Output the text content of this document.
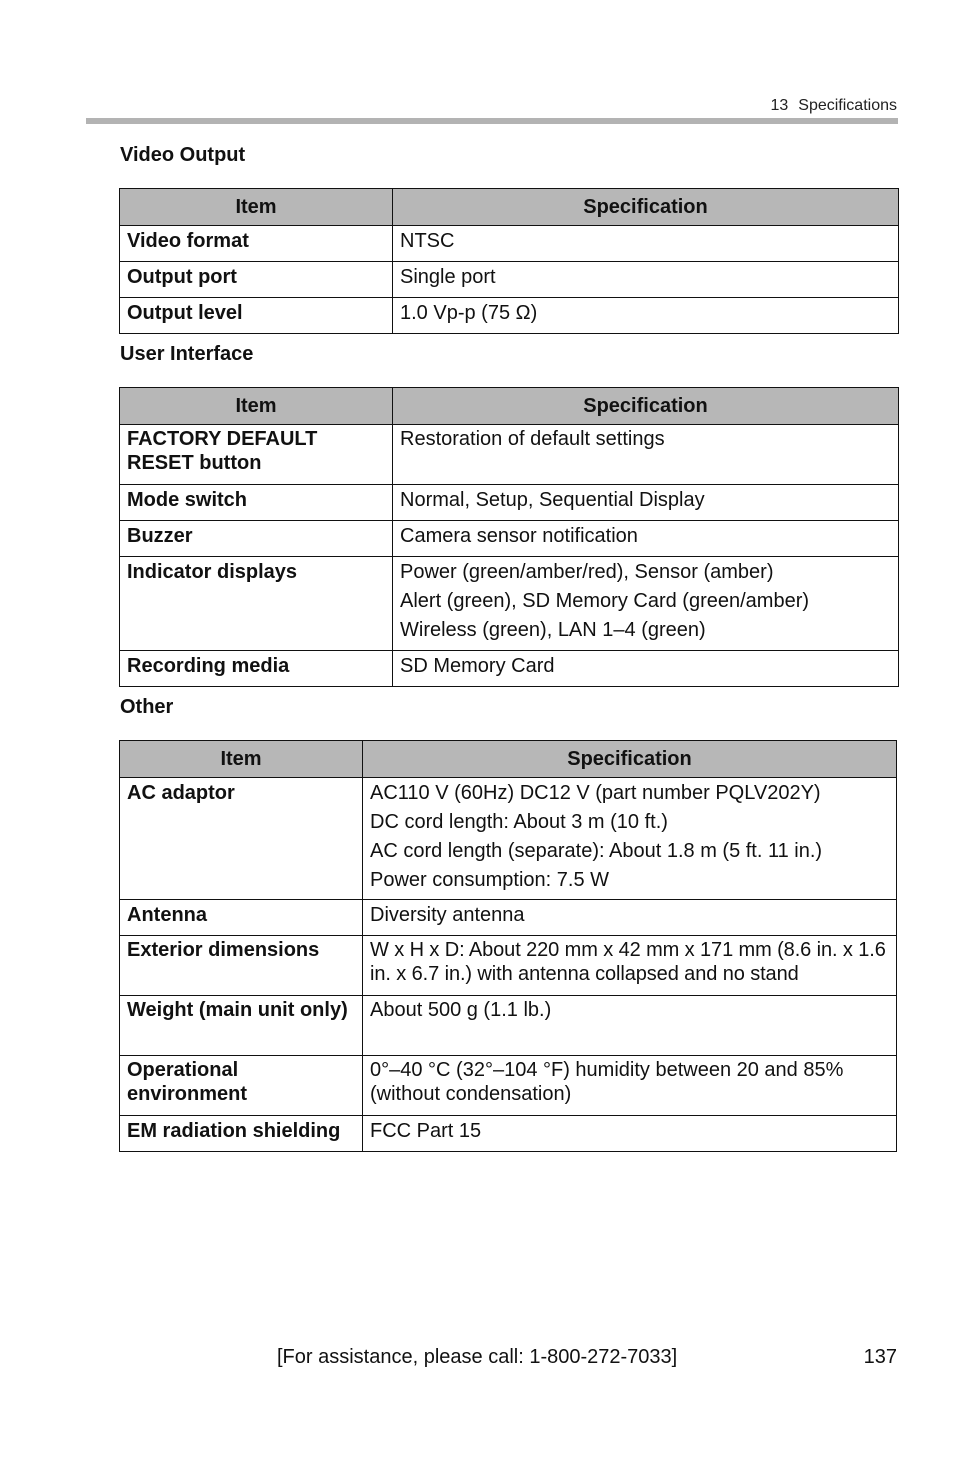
13 Specifications
Video Output
Item	Specification
Video format	NTSC
Output port	Single port
Output level	1.0 Vp-p (75 Ω)
User Interface
Item	Specification
FACTORY DEFAULT RESET button	Restoration of default settings
Mode switch	Normal, Setup, Sequential Display
Buzzer	Camera sensor notification
Indicator displays	Power (green/amber/red), Sensor (amber)
Alert (green), SD Memory Card (green/amber)
Wireless (green), LAN 1–4 (green)

Recording media	SD Memory Card
Other
Item	Specification
AC adaptor	AC110 V (60Hz) DC12 V (part number PQLV202Y)
DC cord length: About 3 m (10 ft.)
AC cord length (separate): About 1.8 m (5 ft. 11 in.)
Power consumption: 7.5 W

Antenna	Diversity antenna
Exterior dimensions	W x H x D: About 220 mm x 42 mm x 171 mm (8.6 in. x 1.6 in. x 6.7 in.) with antenna collapsed and no stand
Weight (main unit only)	About 500 g (1.1 lb.)
Operational environment	0°–40 °C (32°–104 °F) humidity between 20 and 85% (without condensation)
EM radiation shielding	FCC Part 15
[For assistance, please call: 1-800-272-7033]	137
